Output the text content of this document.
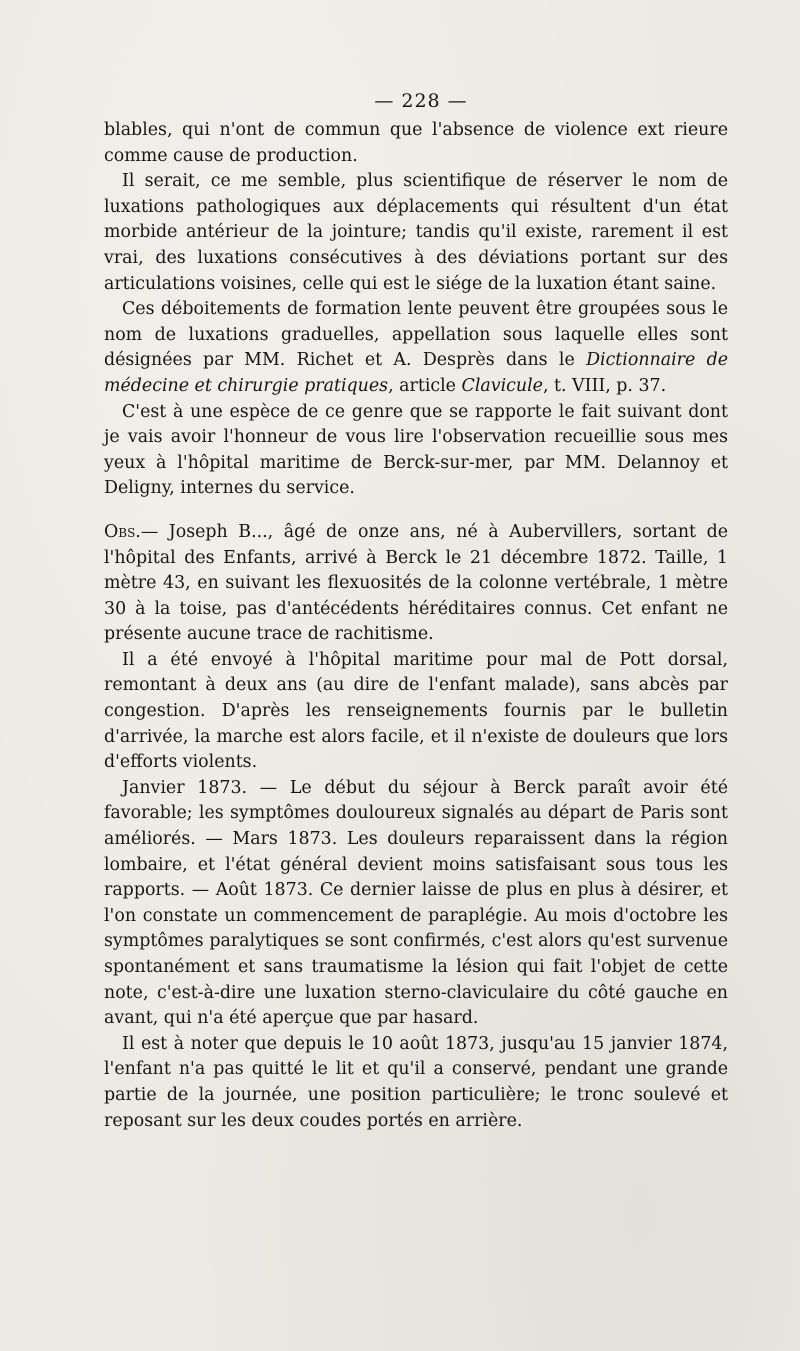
— 228 —

blables, qui n'ont de commun que l'absence de violence ext rieure comme cause de production.

Il serait, ce me semble, plus scientifique de réserver le nom de luxations pathologiques aux déplacements qui résultent d'un état morbide antérieur de la jointure; tandis qu'il existe, rarement il est vrai, des luxations consécutives à des déviations portant sur des articulations voisines, celle qui est le siége de la luxation étant saine.

Ces déboitements de formation lente peuvent être groupées sous le nom de luxations graduelles, appellation sous laquelle elles sont désignées par MM. Richet et A. Desprès dans le Dictionnaire de médecine et chirurgie pratiques, article Clavicule, t. VIII, p. 37.

C'est à une espèce de ce genre que se rapporte le fait suivant dont je vais avoir l'honneur de vous lire l'observation recueillie sous mes yeux à l'hôpital maritime de Berck-sur-mer, par MM. Delannoy et Deligny, internes du service.

Obs.— Joseph B..., âgé de onze ans, né à Aubervillers, sortant de l'hôpital des Enfants, arrivé à Berck le 21 décembre 1872. Taille, 1 mètre 43, en suivant les flexuosités de la colonne vertébrale, 1 mètre 30 à la toise, pas d'antécédents héréditaires connus. Cet enfant ne présente aucune trace de rachitisme.

Il a été envoyé à l'hôpital maritime pour mal de Pott dorsal, remontant à deux ans (au dire de l'enfant malade), sans abcès par congestion. D'après les renseignements fournis par le bulletin d'arrivée, la marche est alors facile, et il n'existe de douleurs que lors d'efforts violents.

Janvier 1873. — Le début du séjour à Berck paraît avoir été favorable; les symptômes douloureux signalés au départ de Paris sont améliorés. — Mars 1873. Les douleurs reparaissent dans la région lombaire, et l'état général devient moins satisfaisant sous tous les rapports. — Août 1873. Ce dernier laisse de plus en plus à désirer, et l'on constate un commencement de paraplégie. Au mois d'octobre les symptômes paralytiques se sont confirmés, c'est alors qu'est survenue spontanément et sans traumatisme la lésion qui fait l'objet de cette note, c'est-à-dire une luxation sterno-claviculaire du côté gauche en avant, qui n'a été aperçue que par hasard.

Il est à noter que depuis le 10 août 1873, jusqu'au 15 janvier 1874, l'enfant n'a pas quitté le lit et qu'il a conservé, pendant une grande partie de la journée, une position particulière; le tronc soulevé et reposant sur les deux coudes portés en arrière.
